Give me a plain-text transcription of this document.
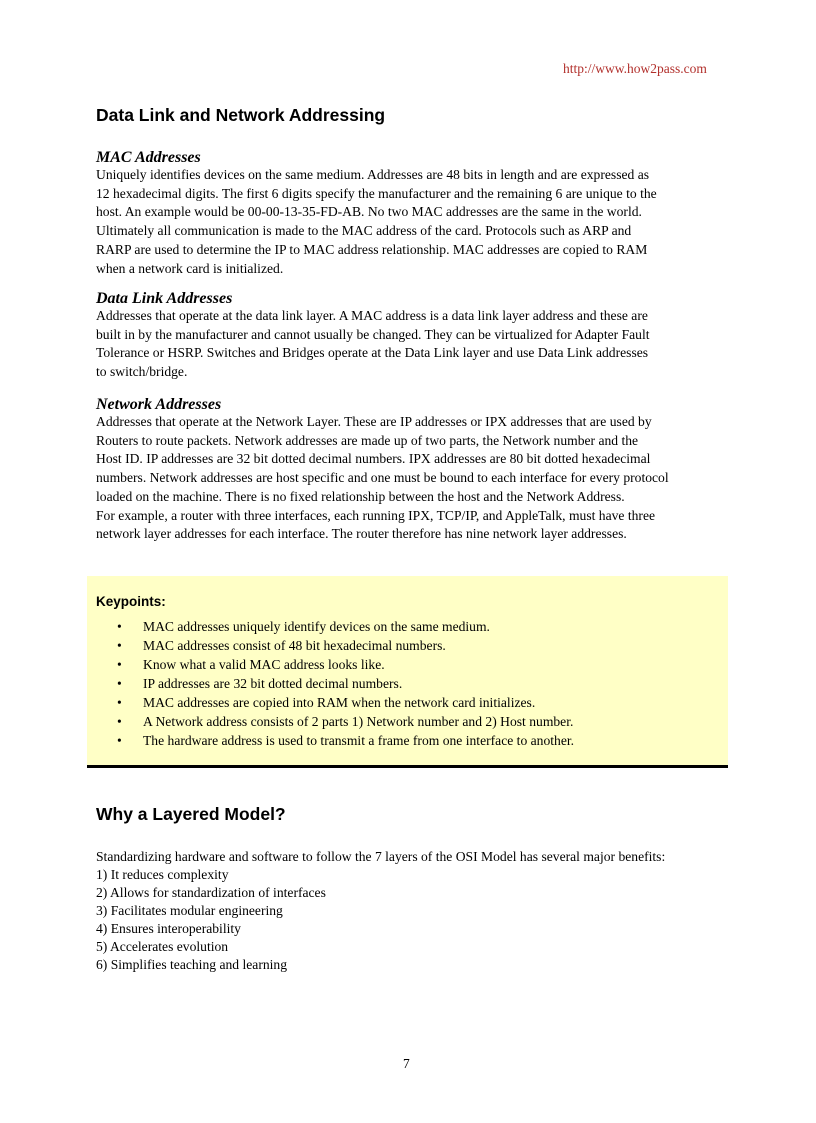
http://www.how2pass.com
Data Link and Network Addressing
MAC Addresses
Uniquely identifies devices on the same medium. Addresses are 48 bits in length and are expressed as
12 hexadecimal digits. The first 6 digits specify the manufacturer and the remaining 6 are unique to the
host. An example would be 00-00-13-35-FD-AB. No two MAC addresses are the same in the world.
Ultimately all communication is made to the MAC address of the card. Protocols such as ARP and
RARP are used to determine the IP to MAC address relationship. MAC addresses are copied to RAM
when a network card is initialized.
Data Link Addresses
Addresses that operate at the data link layer. A MAC address is a data link layer address and these are
built in by the manufacturer and cannot usually be changed. They can be virtualized for Adapter Fault
Tolerance or HSRP. Switches and Bridges operate at the Data Link layer and use Data Link addresses
to switch/bridge.
Network Addresses
Addresses that operate at the Network Layer. These are IP addresses or IPX addresses that are used by
Routers to route packets. Network addresses are made up of two parts, the Network number and the
Host ID. IP addresses are 32 bit dotted decimal numbers. IPX addresses are 80 bit dotted hexadecimal
numbers. Network addresses are host specific and one must be bound to each interface for every protocol
loaded on the machine. There is no fixed relationship between the host and the Network Address.
For example, a router with three interfaces, each running IPX, TCP/IP, and AppleTalk, must have three
network layer addresses for each interface. The router therefore has nine network layer addresses.
Keypoints:
• MAC addresses uniquely identify devices on the same medium.
• MAC addresses consist of 48 bit hexadecimal numbers.
• Know what a valid MAC address looks like.
• IP addresses are 32 bit dotted decimal numbers.
• MAC addresses are copied into RAM when the network card initializes.
• A Network address consists of 2 parts 1) Network number and 2) Host number.
• The hardware address is used to transmit a frame from one interface to another.
Why a Layered Model?
Standardizing hardware and software to follow the 7 layers of the OSI Model has several major benefits:
1) It reduces complexity
2) Allows for standardization of interfaces
3) Facilitates modular engineering
4) Ensures interoperability
5) Accelerates evolution
6) Simplifies teaching and learning
7
